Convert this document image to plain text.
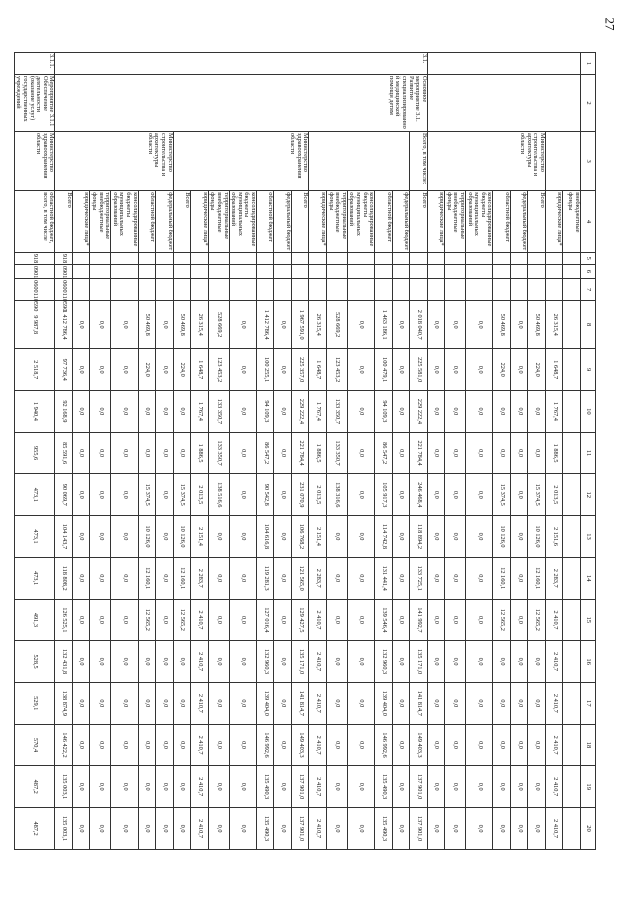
27
1	2	3	4	5	6	7	8	9	10	11	12	13	14	15	16	17	18	19	20
			внебюджетные фонды																
			юридические лица*				26 315,4	1 648,7	1 767,4	1 886,5	2 013,5	2 151,6	2 283,7	2 410,7	2 410,7	2 410,7	2 410,7	2 410,7	2 410,7
		Министерство строительства и архитектуры области	Всего				50 469,8	224,0	0,0	0,0	15 374,5	10 126,0	12 160,1	12 565,2	0,0	0,0	0,0	0,0	0,0
			федеральный бюджет				0,0	0,0	0,0	0,0	0,0	0,0	0,0	0,0	0,0	0,0	0,0	0,0	0,0
			областной бюджет				50 469,8	224,0	0,0	0,0	15 374,5	10 126,0	12 160,1	12 565,2	0,0	0,0	0,0	0,0	0,0
			консолидированные бюджеты муниципальных образований				0,0	0,0	0,0	0,0	0,0	0,0	0,0	0,0	0,0	0,0	0,0	0,0	0,0
			территориальные внебюджетные фонды				0,0	0,0	0,0	0,0	0,0	0,0	0,0	0,0	0,0	0,0	0,0	0,0	0,0
			юридические лица*				0,0	0,0	0,0	0,0	0,0	0,0	0,0	0,0	0,0	0,0	0,0	0,0	0,0
3.1.	Основное мероприятие 3.1. Развитие специализированной медицинской помощи детям	Всего, в том числе:	Всего				2 018 040,7	225 581,0	229 222,4	221 784,4	246 468,4	118 894,2	133 725,1	141 992,7	135 171,0	141 814,7	149 403,3	137 901,0	137 901,0
			федеральный бюджет				0,0	0,0	0,0	0,0	0,0	0,0	0,0	0,0	0,0	0,0	0,0	0,0	0,0
			областной бюджет				1 463 186,1	100 479,1	94 109,3	86 547,2	105 917,3	114 742,8	131 441,4	139 546,4	132 960,3	139 404,0	146 992,6	135 490,3	135 490,3
			консолидированные бюджеты муниципальных образований				0,0	0,0	0,0	0,0	0,0	0,0	0,0	0,0	0,0	0,0	0,0	0,0	0,0
			территориальные внебюджетные фонды				528 669,2	123 453,2	133 350,7	133 350,7	138 316,6	0,0	0,0	0,0	0,0	0,0	0,0	0,0	0,0
			юридические лица*				26 315,4	1 648,7	1 767,4	1 886,5	2 013,5	2 151,4	2 283,7	2 410,7	2 410,7	2 410,7	2 410,7	2 410,7	2 410,7
		Министерство здравоохранения области	Всего				1 967 591,0	225 357,0	229 222,4	221 784,4	231 070,9	106 768,2	121 565,0	129 427,5	135 171,0	141 814,7	149 403,3	137 901,0	137 901,0
			федеральный бюджет				0,0	0,0	0,0	0,0	0,0	0,0	0,0	0,0	0,0	0,0	0,0	0,0	0,0
			областной бюджет				1 412 786,4	100 255,1	94 109,3	86 547,2	90 542,8	104 616,8	119 281,3	127 016,4	132 960,3	139 404,0	146 992,6	135 490,3	135 490,3
			консолидированные бюджеты муниципальных образований				0,0	0,0	0,0	0,0	0,0	0,0	0,0	0,0	0,0	0,0	0,0	0,0	0,0
			территориальные внебюджетные фонды				528 669,2	123 453,2	133 350,7	133 350,7	138 516,6	0,0	0,0	0,0	0,0	0,0	0,0	0,0	0,0
			юридические лица*				26 315,4	1 648,7	1 767,4	1 886,5	2 013,5	2 151,4	2 283,7	2 410,7	2 410,7	2 410,7	2 410,7	2 410,7	2 410,7
			Всего				50 469,8	224,0	0,0	0,0	15 374,5	10 126,0	12 160,1	12 565,2	0,0	0,0	0,0	0,0	0,0
		Министерство строительства и архитектуры области	федеральный бюджет				0,0	0,0	0,0	0,0	0,0	0,0	0,0	0,0	0,0	0,0	0,0	0,0	0,0
			областной бюджет				50 469,8	224,0	0,0	0,0	15 374,5	10 126,0	12 160,1	12 565,2	0,0	0,0	0,0	0,0	0,0
			консолидированные бюджеты муниципальных образований				0,0	0,0	0,0	0,0	0,0	0,0	0,0	0,0	0,0	0,0	0,0	0,0	0,0
			территориальные внебюджетные фонды				0,0	0,0	0,0	0,0	0,0	0,0	0,0	0,0	0,0	0,0	0,0	0,0	0,0
			юридические лица*				0,0	0,0	0,0	0,0	0,0	0,0	0,0	0,0	0,0	0,0	0,0	0,0	0,0
			Всего	918	0901	0600110590	1 412 786,4	97 736,4	92 168,9	85 591,6	90 069,7	104 143,7	118 808,2	126 525,1	132 431,8	138 874,9	146 422,2	135 003,1	135 003,1
3.1.1.	Мероприятие 3.1.1 Обеспечение деятельности (оказание услуг) государственных учреждений	Министерство здравоохранения области	областной бюджет, всего, в том числе	918	0901	0600110590	9 987,8	2 518,7	1 940,4	955,6	473,1	473,1	473,1	491,3	528,5	529,1	570,4	487,2	487,2
